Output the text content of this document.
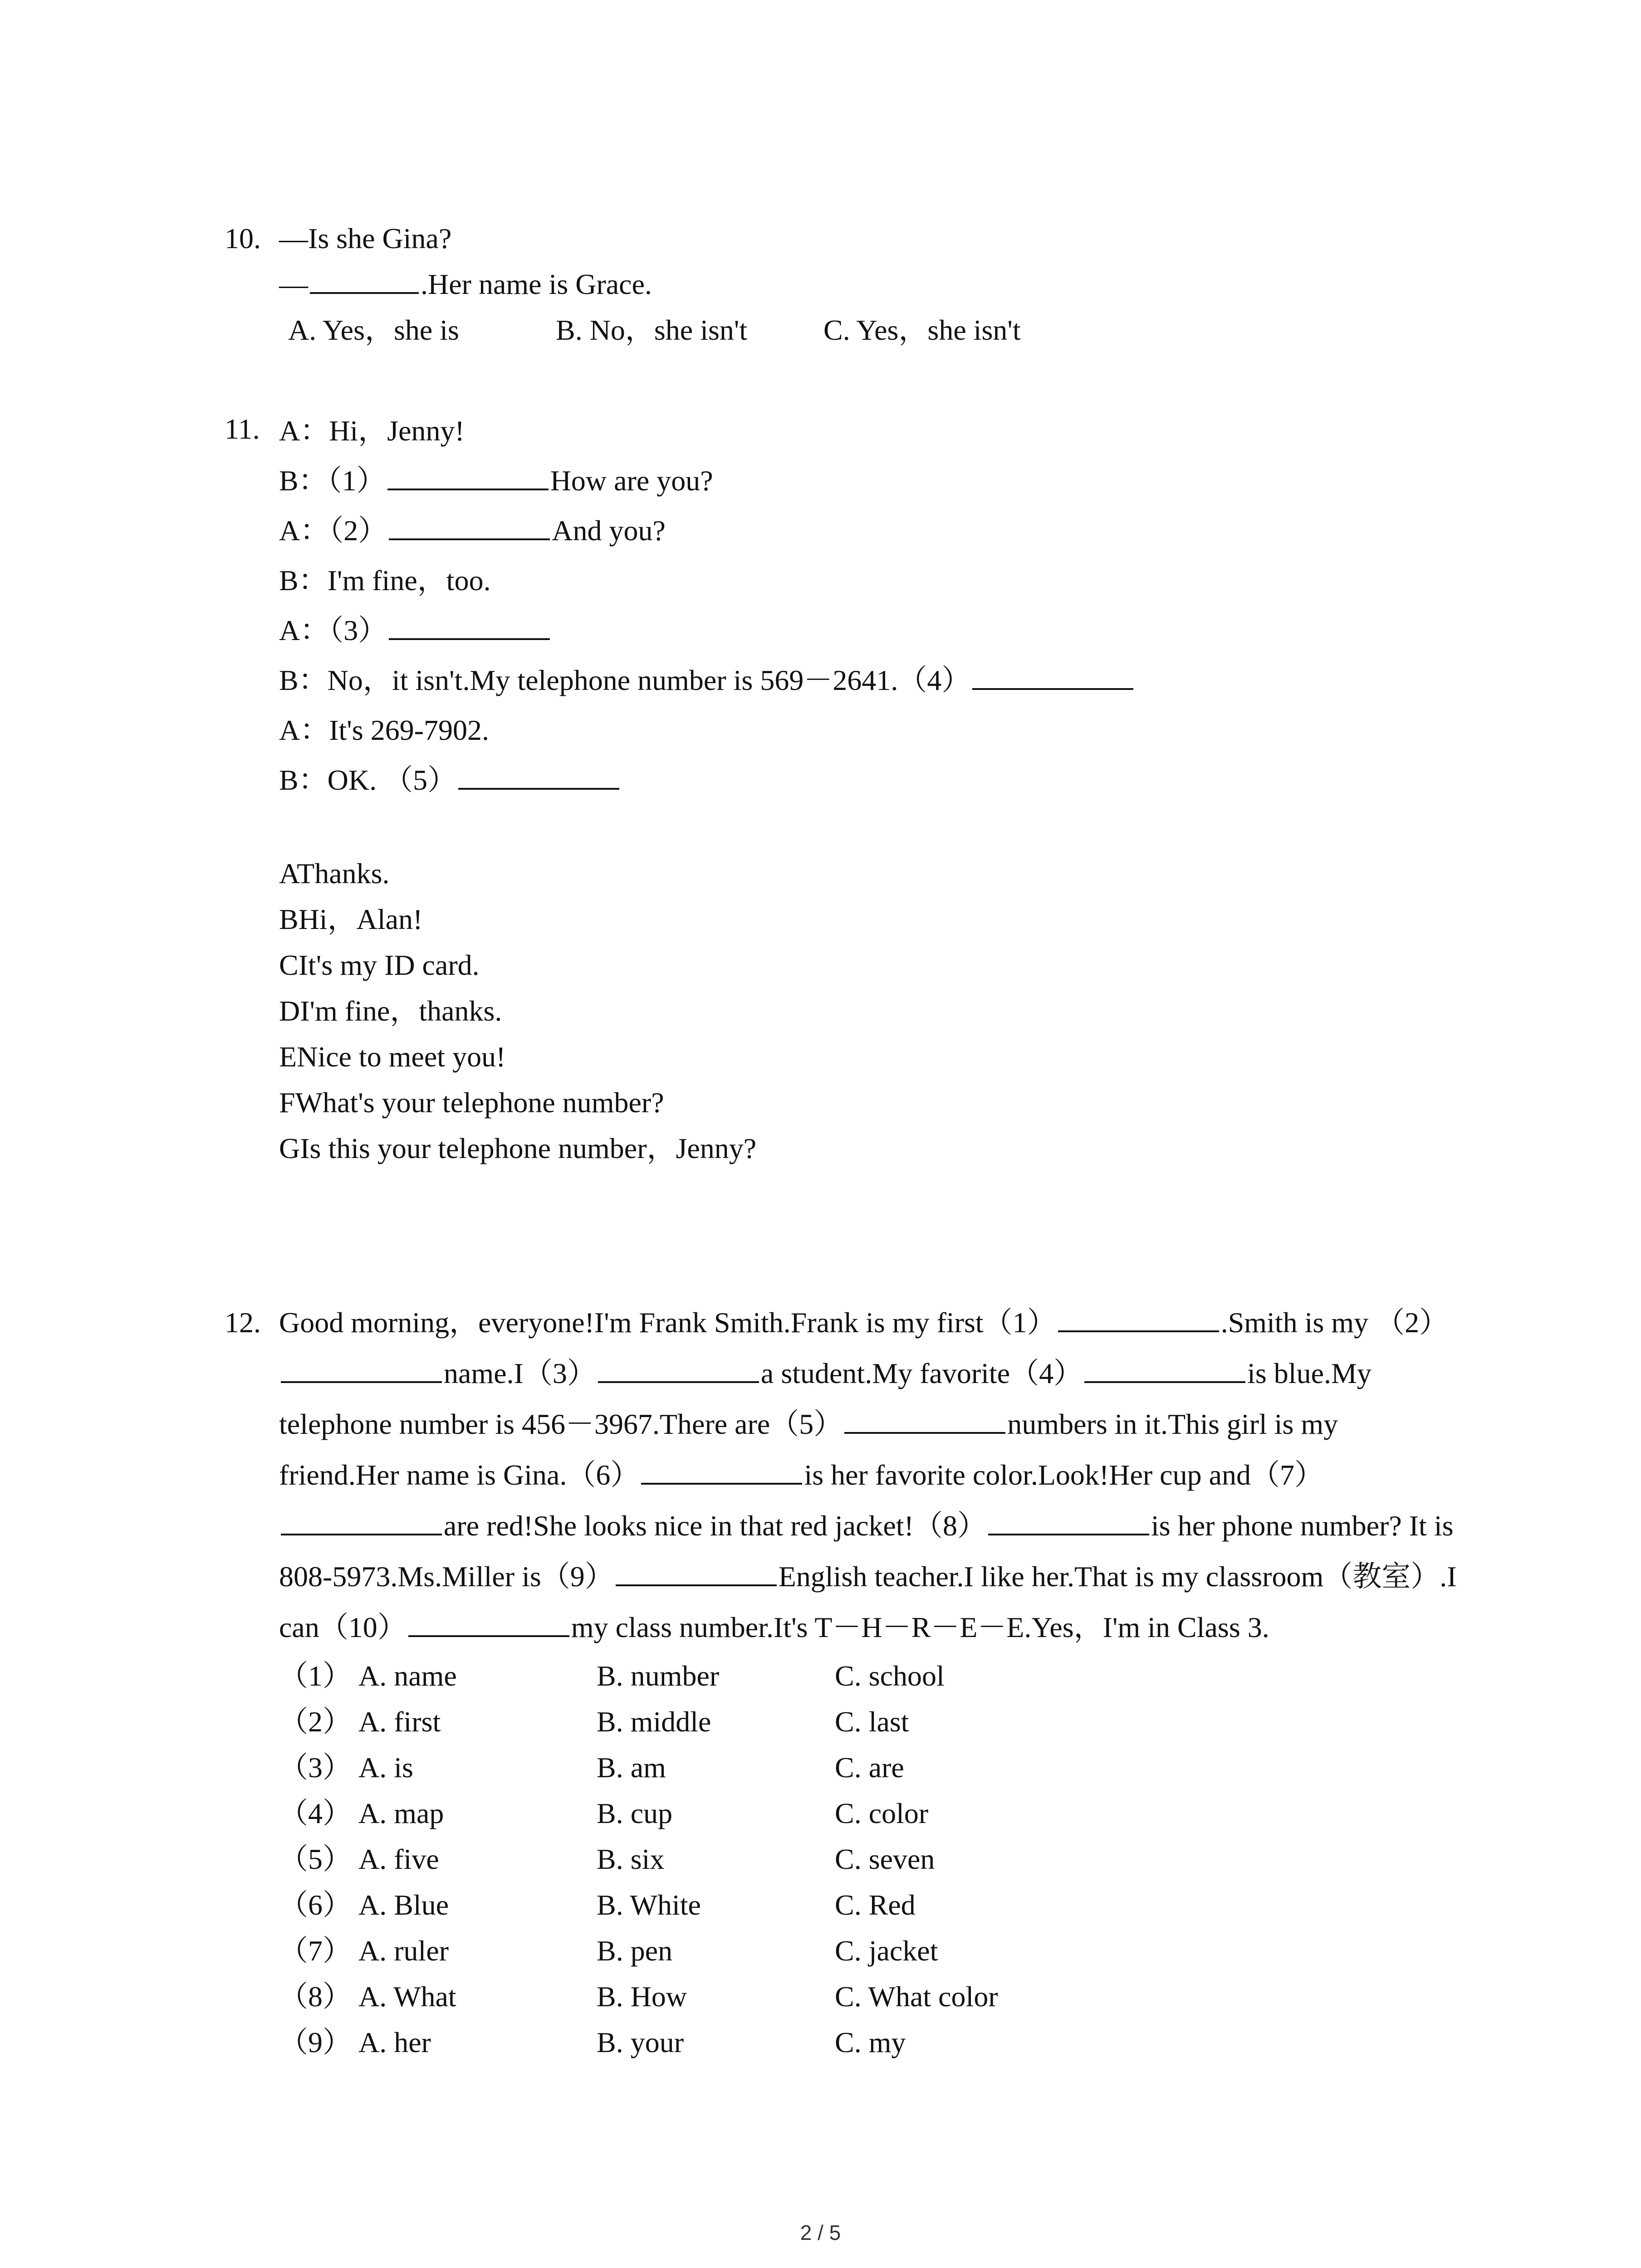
10. —Is she Gina?
—	.Her name is Grace.
A. Yes，she is	B. No，she isn't	C. Yes，she isn't
11. A：Hi，Jenny!
B：（1）	How are you?
A：（2）	And you?
B：I'm fine，too.
A：（3）
B：No，it isn't.My telephone number is 569－2641.（4）
A：It's 269-7902.
B：OK. （5）
AThanks.
BHi，Alan!
CIt's my ID card.
DI'm fine，thanks.
ENice to meet you!
FWhat's your telephone number?
GIs this your telephone number，Jenny?
12. Good morning，everyone!I'm Frank Smith.Frank is my first（1）	.Smith is my （2）name.I（3）	a student.My favorite（4）	is blue.My telephone number is 456－3967.There are（5）	numbers in it.This girl is my friend.Her name is Gina.（6）	is her favorite color.Look!Her cup and（7）are red!She looks nice in that red jacket!（8）	is her phone number? It is 808-5973.Ms.Miller is（9）	English teacher.I like her.That is my classroom（教室）.I can（10）	my class number.It's T－H－R－E－E.Yes，I'm in Class 3.
（1） A. name	B. number	C. school
（2） A. first	B. middle	C. last
（3） A. is	B. am	C. are
（4） A. map	B. cup	C. color
（5） A. five	B. six	C. seven
（6） A. Blue	B. White	C. Red
（7） A. ruler	B. pen	C. jacket
（8） A. What	B. How	C. What color
（9） A. her	B. your	C. my
2 / 5
